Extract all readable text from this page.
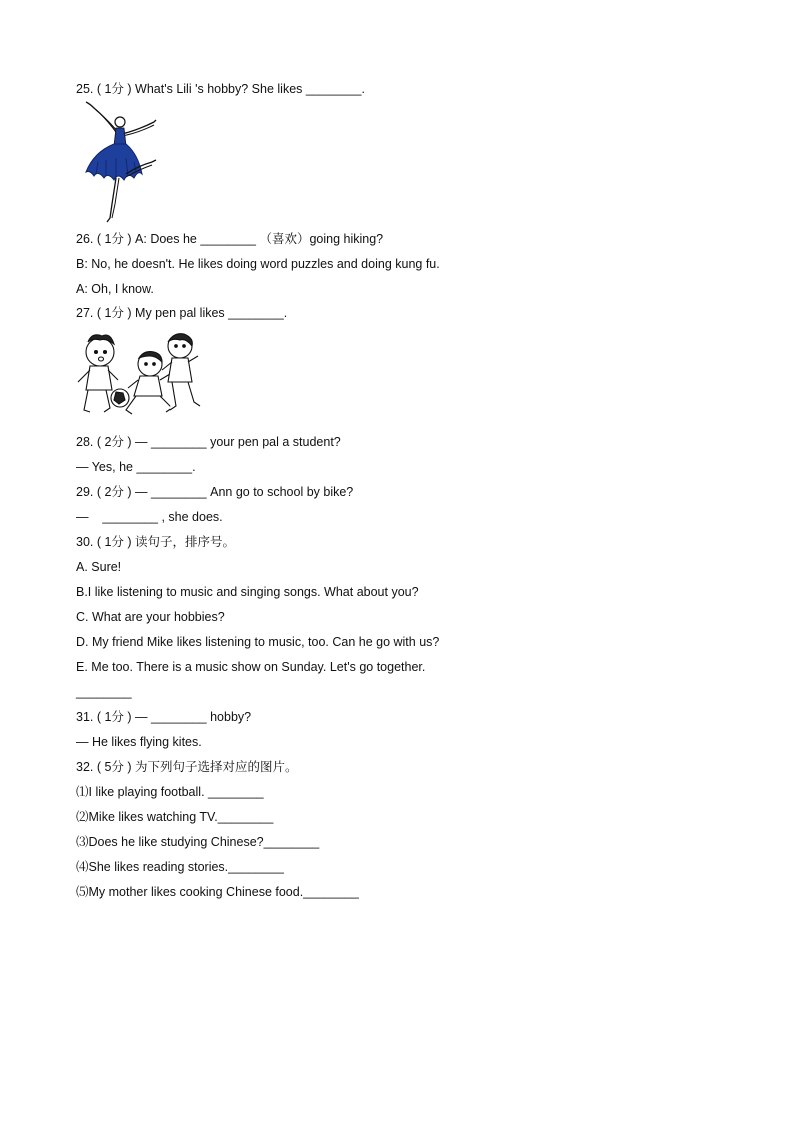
25. ( 1分 ) What's Lili 's hobby? She likes ________.
26. ( 1分 ) A: Does he ________ （喜欢）going hiking?
B: No, he doesn't. He likes doing word puzzles and doing kung fu.
A: Oh, I know.
27. ( 1分 ) My pen pal likes ________.
28. ( 2分 ) — ________ your pen pal a student?
— Yes, he ________.
29. ( 2分 ) — ________ Ann go to school by bike?
—    ________ , she does.
30. ( 1分 ) 读句子，排序号。
A. Sure!
B.I like listening to music and singing songs. What about you?
C. What are your hobbies?
D. My friend Mike likes listening to music, too. Can he go with us?
E. Me too. There is a music show on Sunday. Let's go together.
________
31. ( 1分 ) — ________ hobby?
— He likes flying kites.
32. ( 5分 ) 为下列句子选择对应的图片。
⑴I like playing football. ________
⑵Mike likes watching TV.________
⑶Does he like studying Chinese?________
⑷She likes reading stories.________
⑸My mother likes cooking Chinese food.________
